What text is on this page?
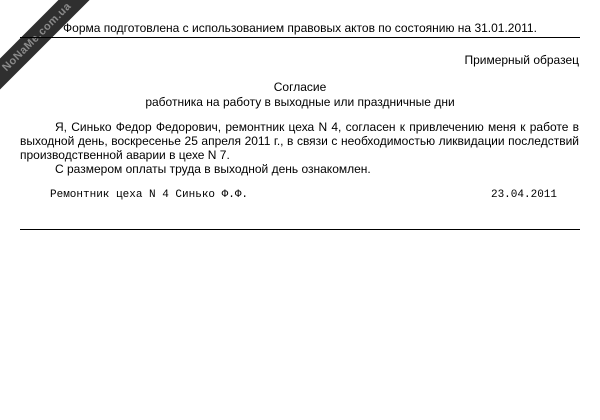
NoNaMe.com.ua
Форма подготовлена с использованием правовых актов по состоянию на 31.01.2011.
Примерный образец
Согласие
работника на работу в выходные или праздничные дни

Я, Синько Федор Федорович, ремонтник цеха N 4, согласен к привлечению меня к работе в выходной день, воскресенье 25 апреля 2011 г., в связи с необходимостью ликвидации последствий производственной аварии в цехе N 7.

С размером оплаты труда в выходной день ознакомлен.

Ремонтник цеха N 4 Синько Ф.Ф.	23.04.2011
